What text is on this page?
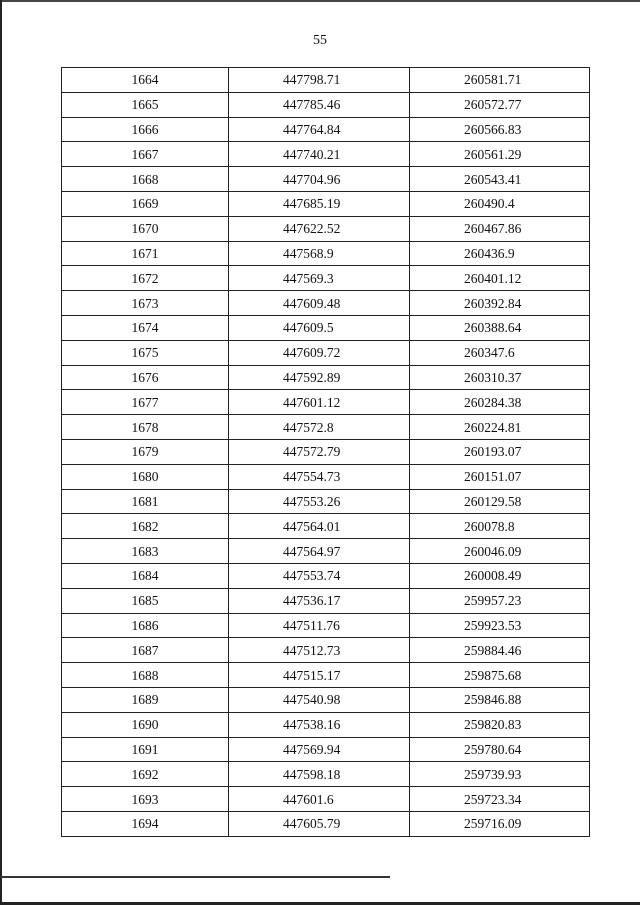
55
1664	447798.71	260581.71
1665	447785.46	260572.77
1666	447764.84	260566.83
1667	447740.21	260561.29
1668	447704.96	260543.41
1669	447685.19	260490.4
1670	447622.52	260467.86
1671	447568.9	260436.9
1672	447569.3	260401.12
1673	447609.48	260392.84
1674	447609.5	260388.64
1675	447609.72	260347.6
1676	447592.89	260310.37
1677	447601.12	260284.38
1678	447572.8	260224.81
1679	447572.79	260193.07
1680	447554.73	260151.07
1681	447553.26	260129.58
1682	447564.01	260078.8
1683	447564.97	260046.09
1684	447553.74	260008.49
1685	447536.17	259957.23
1686	447511.76	259923.53
1687	447512.73	259884.46
1688	447515.17	259875.68
1689	447540.98	259846.88
1690	447538.16	259820.83
1691	447569.94	259780.64
1692	447598.18	259739.93
1693	447601.6	259723.34
1694	447605.79	259716.09
